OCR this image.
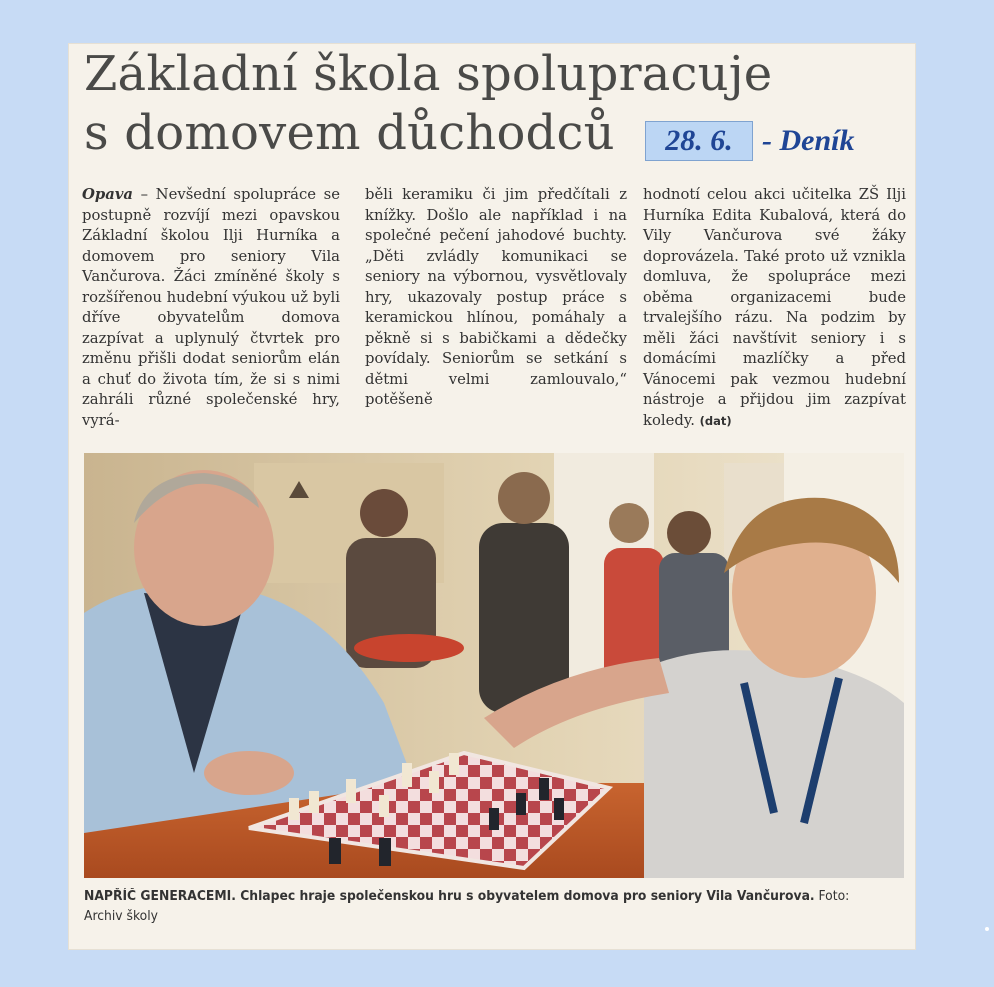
Základní škola spolupracuje
s domovem důchodců	28. 6. - Deník
Opava – Nevšední spolupráce se postupně rozvíjí mezi opavskou Základní školou Ilji Hurníka a domovem pro seniory Vila Vančurova. Žáci zmíněné školy s rozšířenou hudební výukou už byli dříve obyvatelům domova zazpívat a uplynulý čtvrtek pro změnu přišli dodat seniorům elán a chuť do života tím, že si s nimi zahráli různé společenské hry, vyrá-
běli keramiku či jim předčítali z knížky. Došlo ale například i na společné pečení jahodové buchty. „Děti zvládly komunikaci se seniory na výbornou, vysvětlovaly hry, ukazovaly postup práce s keramickou hlínou, pomáhaly a pěkně si s babičkami a dědečky povídaly. Seniorům se setkání s dětmi velmi zamlouvalo,“ potěšeně
hodnotí celou akci učitelka ZŠ Ilji Hurníka Edita Kubalová, která do Vily Vančurova své žáky doprovázela. Také proto už vznikla domluva, že spolupráce mezi oběma organizacemi bude trvalejšího rázu. Na podzim by měli žáci navštívit seniory i s domácími mazlíčky a před Vánocemi pak vezmou hudební nástroje a přijdou jim zazpívat koledy. (dat)

NAPŘÍČ GENERACEMI. Chlapec hraje společenskou hru s obyvatelem domova pro seniory Vila Vančurova. Foto: Archiv školy
